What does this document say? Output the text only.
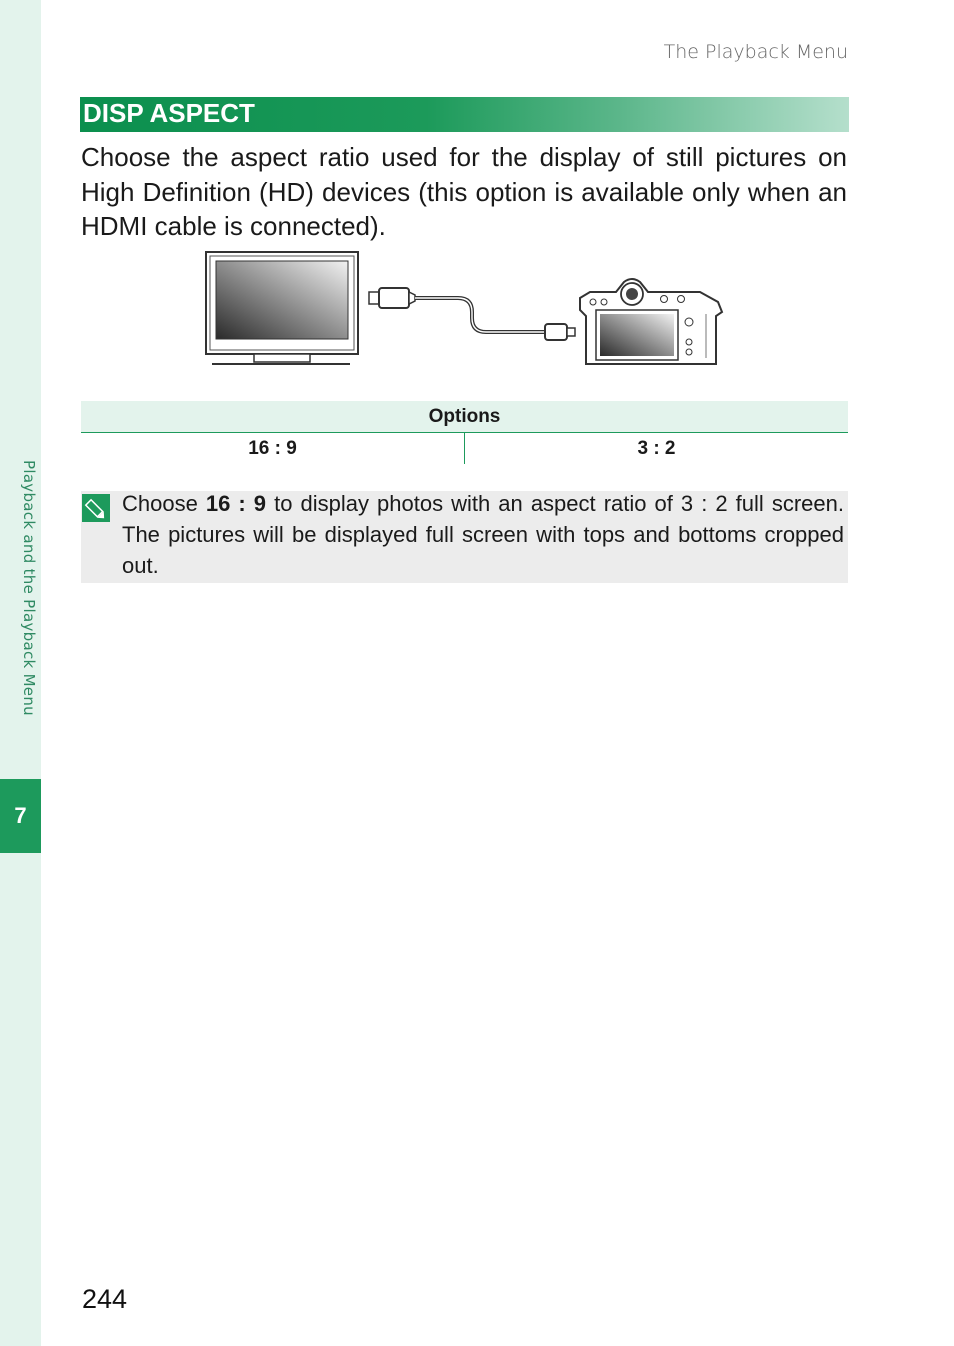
Playback and the Playback Menu
7
The Playback Menu
DISP ASPECT

Choose the aspect ratio used for the display of still pictures on High Definition (HD) devices (this option is available only when an HDMI cable is connected).

Options
16 : 9	3 : 2

Choose 16 : 9 to display photos with an aspect ratio of 3 : 2 full screen. The pictures will be displayed full screen with tops and bottoms cropped out.

244
